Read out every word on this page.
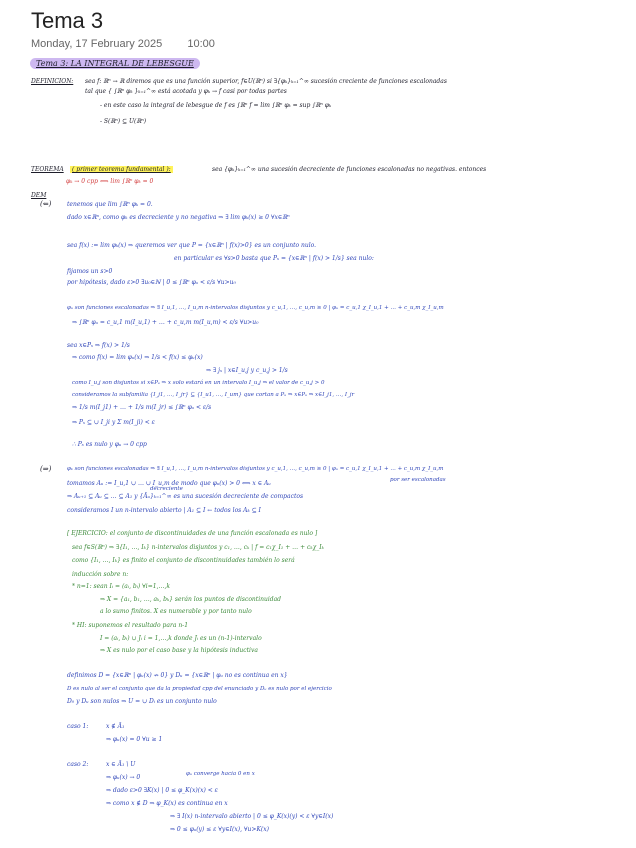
Tema 3
Monday, 17 February 2025 10:00
Tema 3: LA INTEGRAL DE LEBESGUE
DEFINICION: sea f: ℝⁿ → ℝ diremos que es una función superior, f∈U(ℝⁿ) si ∃{φₖ}ₖ₌₁^∞ sucesión creciente de funciones escalonadas
tal que { ∫ℝⁿ φₖ }ₖ₌₁^∞ está acotada y φₖ → f casi por todas partes
- en este caso la integral de lebesgue de f es ∫ℝⁿ f = lim ∫ℝⁿ φₖ = sup ∫ℝⁿ φₖ
- S(ℝⁿ) ⊆ U(ℝⁿ)
TEOREMA	( primer teorema fundamental ):	sea {φₖ}ₖ₌₁^∞ una sucesión decreciente de funciones escalonadas no negativas. entonces
φₖ → 0 cpp ⟺ lim ∫ℝⁿ φₖ = 0
DEM
(⇐)	tenemos que lim ∫ℝⁿ φₖ = 0.
dado x∈ℝⁿ, como φₖ es decreciente y no negativa ⇒ ∃ lim φₖ(x) ≥ 0 ∀x∈ℝⁿ
sea f(x) := lim φₖ(x) ⇒ queremos ver que P = {x∈ℝⁿ | f(x)>0} es un conjunto nulo.
en particular es ∀s>0 basta que Pₛ = {x∈ℝⁿ | f(x) > 1/s} sea nulo:
fijamos un s>0
por hipótesis, dado ε>0 ∃u₀∈ℕ | 0 ≤ ∫ℝⁿ φᵤ < ε/s ∀u>u₀
φᵤ son funciones escalonadas ⇒ ∃ I_u,1, …, I_u,m n-intervalos disjuntos y c_u,1, …, c_u,m ≥ 0 | φᵤ = c_u,1 χ_I_u,1 + … + c_u,m χ_I_u,m
⇒ ∫ℝⁿ φᵤ = c_u,1 m(I_u,1) + … + c_u,m m(I_u,m) < ε/s ∀u>u₀
sea x∈Pₛ ⇒ f(x) > 1/s
⇒ como f(x) = lim φᵤ(x) ⇒ 1/s < f(x) ≤ φᵤ(x)
⇒ ∃ jₓ | x∈I_u,j y c_u,j > 1/s
como I_u,j son disjuntos si x∈Pₛ ⇒ x solo estará en un intervalo I_u,j ⇒ el valor de c_u,j > 0
consideramos la subfamilia {I_j1, …, I_jr} ⊆ {I_u1, …, I_um} que cortan a Pₛ ⇒ x∈Pₛ ⇒ x∈I_j1, …, I_jr
⇒ 1/s m(I_j1) + … + 1/s m(I_jr) ≤ ∫ℝⁿ φᵤ < ε/s
⇒ Pₛ ⊆ ∪ I_ji y Σ m(I_ji) < ε
∴ Pₛ es nulo y φᵤ → 0 cpp
(⇒)	φₖ son funciones escalonadas ⇒ ∃ I_u,1, …, I_u,m n-intervalos disjuntos y c_u,1, …, c_u,m ≥ 0 | φᵤ = c_u,1 χ_I_u,1 + … + c_u,m χ_I_u,m
tomamos Aᵤ := I_u,1 ∪ … ∪ I_u,m de modo que φᵤ(x) > 0 ⟺ x ∈ Aᵤ	por ser escalonadas
⇒ Aᵤ₊₁ ⊆ Aᵤ ⊆ … ⊆ A₁ y {Āᵤ}ₖ₌₁^∞ es una sucesión decreciente de compactos
decreciente
consideramos I un n-intervalo abierto | A₁ ⊆ I ← todos los Aₖ ⊆ I
[ EJERCICIO: el conjunto de discontinuidades de una función escalonada es nulo ]
sea f∈S(ℝⁿ) ⇒ ∃{I₁, …, Iₖ} n-intervalos disjuntos y c₁, …, cₖ | f = c₁χ_I₁ + … + cₖχ_Iₖ
como {I₁, …, Iₖ} es finito el conjunto de discontinuidades también lo será
inducción sobre n:
* n=1: sean Iᵢ = (aᵢ, bᵢ) ∀i=1,…,k
⇒ X = {a₁, b₁, …, aₖ, bₖ} serán los puntos de discontinuidad
a lo sumo finitos. X es numerable y por tanto nulo
* HI: suponemos el resultado para n-1
I = (aᵢ, bᵢ) ∪ Jᵢ i = 1,…,k donde Jᵢ es un (n-1)-intervalo
⇒ X es nulo por el caso base y la hipótesis inductiva
definimos D = {x∈ℝⁿ | φᵤ(x) ↛ 0} y Dᵤ = {x∈ℝⁿ | φᵤ no es continua en x}
D es nulo al ser el conjunto que da la propiedad cpp del enunciado y Dᵤ es nulo por el ejercicio
D₀ y Dᵤ son nulos ⇒ U = ∪ Dᵢ es un conjunto nulo
caso 1:	x ∉ Ā₁
⇒ φᵤ(x) = 0 ∀u ≥ 1
caso 2:	x ∈ Ā₁ \ U
⇒ φᵤ(x) → 0	φᵤ converge hacia 0 en x
⇒ dado ε>0 ∃K(x) | 0 ≤ φ_K(x)(x) < ε
⇒ como x ∉ D ⇒ φ_K(x) es continua en x
⇒ ∃ I(x) n-intervalo abierto | 0 ≤ φ_K(x)(y) < ε ∀y∈I(x)
⇒ 0 ≤ φᵤ(y) ≤ ε ∀y∈I(x), ∀u>K(x)
